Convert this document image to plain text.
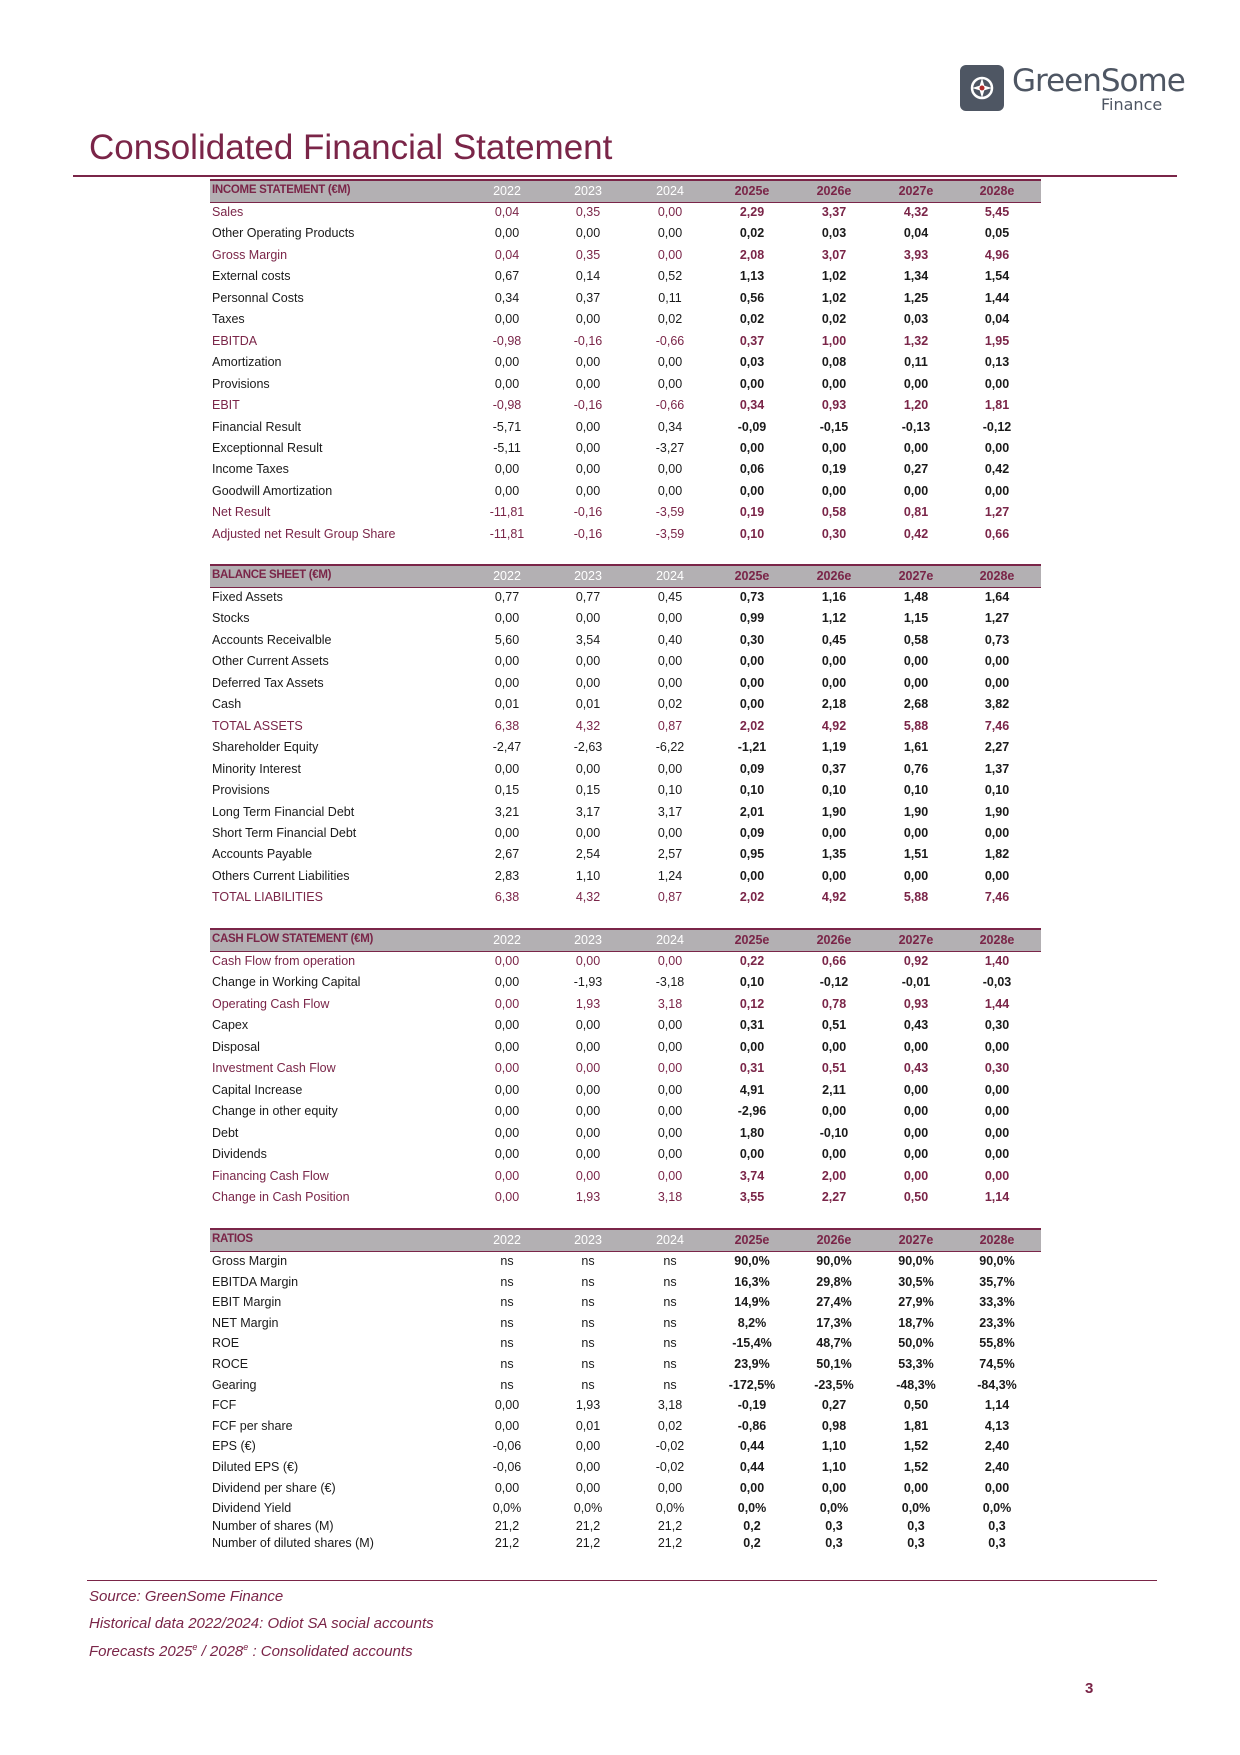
GreenSome
Finance
Consolidated Financial Statement
INCOME STATEMENT (€M)	2022	2023	2024	2025e	2026e	2027e	2028e
Sales	0,04	0,35	0,00	2,29	3,37	4,32	5,45
Other Operating Products	0,00	0,00	0,00	0,02	0,03	0,04	0,05
Gross Margin	0,04	0,35	0,00	2,08	3,07	3,93	4,96
External costs	0,67	0,14	0,52	1,13	1,02	1,34	1,54
Personnal Costs	0,34	0,37	0,11	0,56	1,02	1,25	1,44
Taxes	0,00	0,00	0,02	0,02	0,02	0,03	0,04
EBITDA	-0,98	-0,16	-0,66	0,37	1,00	1,32	1,95
Amortization	0,00	0,00	0,00	0,03	0,08	0,11	0,13
Provisions	0,00	0,00	0,00	0,00	0,00	0,00	0,00
EBIT	-0,98	-0,16	-0,66	0,34	0,93	1,20	1,81
Financial Result	-5,71	0,00	0,34	-0,09	-0,15	-0,13	-0,12
Exceptionnal Result	-5,11	0,00	-3,27	0,00	0,00	0,00	0,00
Income Taxes	0,00	0,00	0,00	0,06	0,19	0,27	0,42
Goodwill Amortization	0,00	0,00	0,00	0,00	0,00	0,00	0,00
Net Result	-11,81	-0,16	-3,59	0,19	0,58	0,81	1,27
Adjusted net Result Group Share	-11,81	-0,16	-3,59	0,10	0,30	0,42	0,66
BALANCE SHEET (€M)	2022	2023	2024	2025e	2026e	2027e	2028e
Fixed Assets	0,77	0,77	0,45	0,73	1,16	1,48	1,64
Stocks	0,00	0,00	0,00	0,99	1,12	1,15	1,27
Accounts Receivalble	5,60	3,54	0,40	0,30	0,45	0,58	0,73
Other Current Assets	0,00	0,00	0,00	0,00	0,00	0,00	0,00
Deferred Tax Assets	0,00	0,00	0,00	0,00	0,00	0,00	0,00
Cash	0,01	0,01	0,02	0,00	2,18	2,68	3,82
TOTAL ASSETS	6,38	4,32	0,87	2,02	4,92	5,88	7,46
Shareholder Equity	-2,47	-2,63	-6,22	-1,21	1,19	1,61	2,27
Minority Interest	0,00	0,00	0,00	0,09	0,37	0,76	1,37
Provisions	0,15	0,15	0,10	0,10	0,10	0,10	0,10
Long Term Financial Debt	3,21	3,17	3,17	2,01	1,90	1,90	1,90
Short Term Financial Debt	0,00	0,00	0,00	0,09	0,00	0,00	0,00
Accounts Payable	2,67	2,54	2,57	0,95	1,35	1,51	1,82
Others Current Liabilities	2,83	1,10	1,24	0,00	0,00	0,00	0,00
TOTAL LIABILITIES	6,38	4,32	0,87	2,02	4,92	5,88	7,46
CASH FLOW STATEMENT (€M)	2022	2023	2024	2025e	2026e	2027e	2028e
Cash Flow from operation	0,00	0,00	0,00	0,22	0,66	0,92	1,40
Change in Working Capital	0,00	-1,93	-3,18	0,10	-0,12	-0,01	-0,03
Operating Cash Flow	0,00	1,93	3,18	0,12	0,78	0,93	1,44
Capex	0,00	0,00	0,00	0,31	0,51	0,43	0,30
Disposal	0,00	0,00	0,00	0,00	0,00	0,00	0,00
Investment Cash Flow	0,00	0,00	0,00	0,31	0,51	0,43	0,30
Capital Increase	0,00	0,00	0,00	4,91	2,11	0,00	0,00
Change in other equity	0,00	0,00	0,00	-2,96	0,00	0,00	0,00
Debt	0,00	0,00	0,00	1,80	-0,10	0,00	0,00
Dividends	0,00	0,00	0,00	0,00	0,00	0,00	0,00
Financing Cash Flow	0,00	0,00	0,00	3,74	2,00	0,00	0,00
Change in Cash Position	0,00	1,93	3,18	3,55	2,27	0,50	1,14
RATIOS	2022	2023	2024	2025e	2026e	2027e	2028e
Gross Margin	ns	ns	ns	90,0%	90,0%	90,0%	90,0%
EBITDA Margin	ns	ns	ns	16,3%	29,8%	30,5%	35,7%
EBIT Margin	ns	ns	ns	14,9%	27,4%	27,9%	33,3%
NET Margin	ns	ns	ns	8,2%	17,3%	18,7%	23,3%
ROE	ns	ns	ns	-15,4%	48,7%	50,0%	55,8%
ROCE	ns	ns	ns	23,9%	50,1%	53,3%	74,5%
Gearing	ns	ns	ns	-172,5%	-23,5%	-48,3%	-84,3%
FCF	0,00	1,93	3,18	-0,19	0,27	0,50	1,14
FCF per share	0,00	0,01	0,02	-0,86	0,98	1,81	4,13
EPS (€)	-0,06	0,00	-0,02	0,44	1,10	1,52	2,40
Diluted EPS (€)	-0,06	0,00	-0,02	0,44	1,10	1,52	2,40
Dividend per share (€)	0,00	0,00	0,00	0,00	0,00	0,00	0,00
Dividend Yield	0,0%	0,0%	0,0%	0,0%	0,0%	0,0%	0,0%
Number of shares (M)	21,2	21,2	21,2	0,2	0,3	0,3	0,3
Number of diluted shares (M)	21,2	21,2	21,2	0,2	0,3	0,3	0,3
Source: GreenSome Finance
Historical data 2022/2024: Odiot SA social accounts
Forecasts 2025e / 2028e : Consolidated accounts
3
